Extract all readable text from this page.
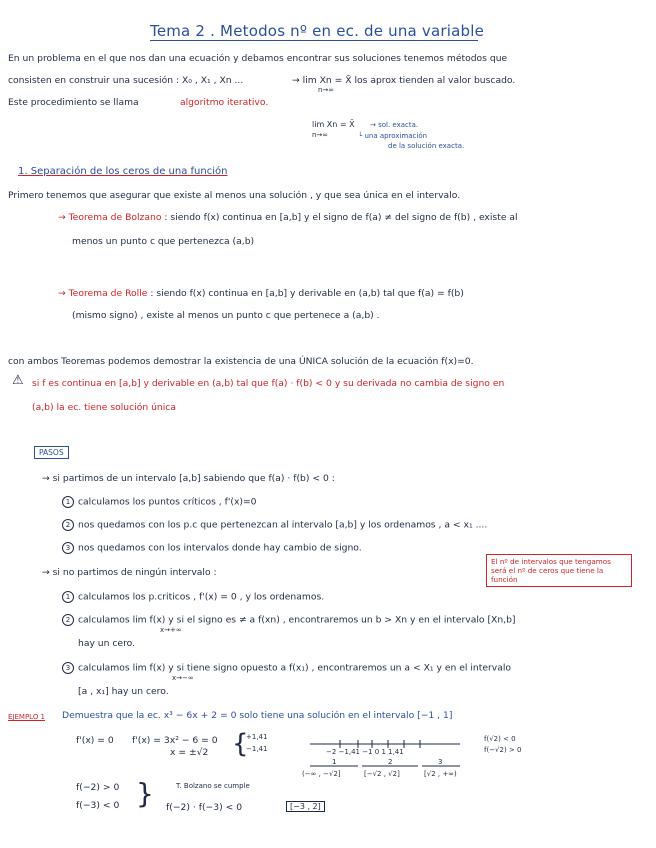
Tema 2 . Metodos nº en ec. de una variable
En un problema en el que nos dan una ecuación y debamos encontrar sus soluciones tenemos métodos que
consisten en construir una sucesión : X₀ , X₁ , Xn ...	→ lim Xn = X̄ los aprox tienden al valor buscado.
n→∞
Este procedimiento se llama	algoritmo iterativo.
lim Xn = X̄ → sol. exacta.
n→∞	└ una aproximación
de la solución exacta.
1. Separación de los ceros de una función
Primero tenemos que asegurar que existe al menos una solución , y que sea única en el intervalo.
→ Teorema de Bolzano : siendo f(x) continua en [a,b] y el signo de f(a) ≠ del signo de f(b) , existe al
menos un punto c que pertenezca (a,b)
→ Teorema de Rolle : siendo f(x) continua en [a,b] y derivable en (a,b) tal que f(a) = f(b)
(mismo signo) , existe al menos un punto c que pertenece a (a,b) .
con ambos Teoremas podemos demostrar la existencia de una ÚNICA solución de la ecuación f(x)=0.
⚠ si f es continua en [a,b] y derivable en (a,b) tal que f(a) · f(b) < 0 y su derivada no cambia de signo en
(a,b) la ec. tiene solución única
PASOS
→ si partimos de un intervalo [a,b] sabiendo que f(a) · f(b) < 0 :
1 calculamos los puntos críticos , f'(x)=0
2 nos quedamos con los p.c que pertenezcan al intervalo [a,b] y los ordenamos , a < x₁ ....
3 nos quedamos con los intervalos donde hay cambio de signo.
El nº de intervalos que tengamos será el nº de ceros que tiene la función
→ si no partimos de ningún intervalo :
1 calculamos los p.criticos , f'(x) = 0 , y los ordenamos.
2 calculamos lim f(x) y si el signo es ≠ a f(xn) , encontraremos un b > Xn y en el intervalo [Xn,b]
x→+∞
hay un cero.
3 calculamos lim f(x) y si tiene signo opuesto a f(x₁) , encontraremos un a < X₁ y en el intervalo
x→−∞
[a , x₁] hay un cero.
EJEMPLO 1 Demuestra que la ec. x³ − 6x + 2 = 0 solo tiene una solución en el intervalo [−1 , 1]
f'(x) = 0 f'(x) = 3x² − 6 = 0
x = ±√2 {
+1,41
−1,41	−2 −1,41 −1 0 1 1,41
1	2	3
(−∞ , −√2]	[−√2 , √2]	[√2 , +∞)
f(√2) < 0
f(−√2) > 0
f(−2) > 0
f(−3) < 0 }	T. Bolzano se cumple
f(−2) · f(−3) < 0	[−3 , 2]
